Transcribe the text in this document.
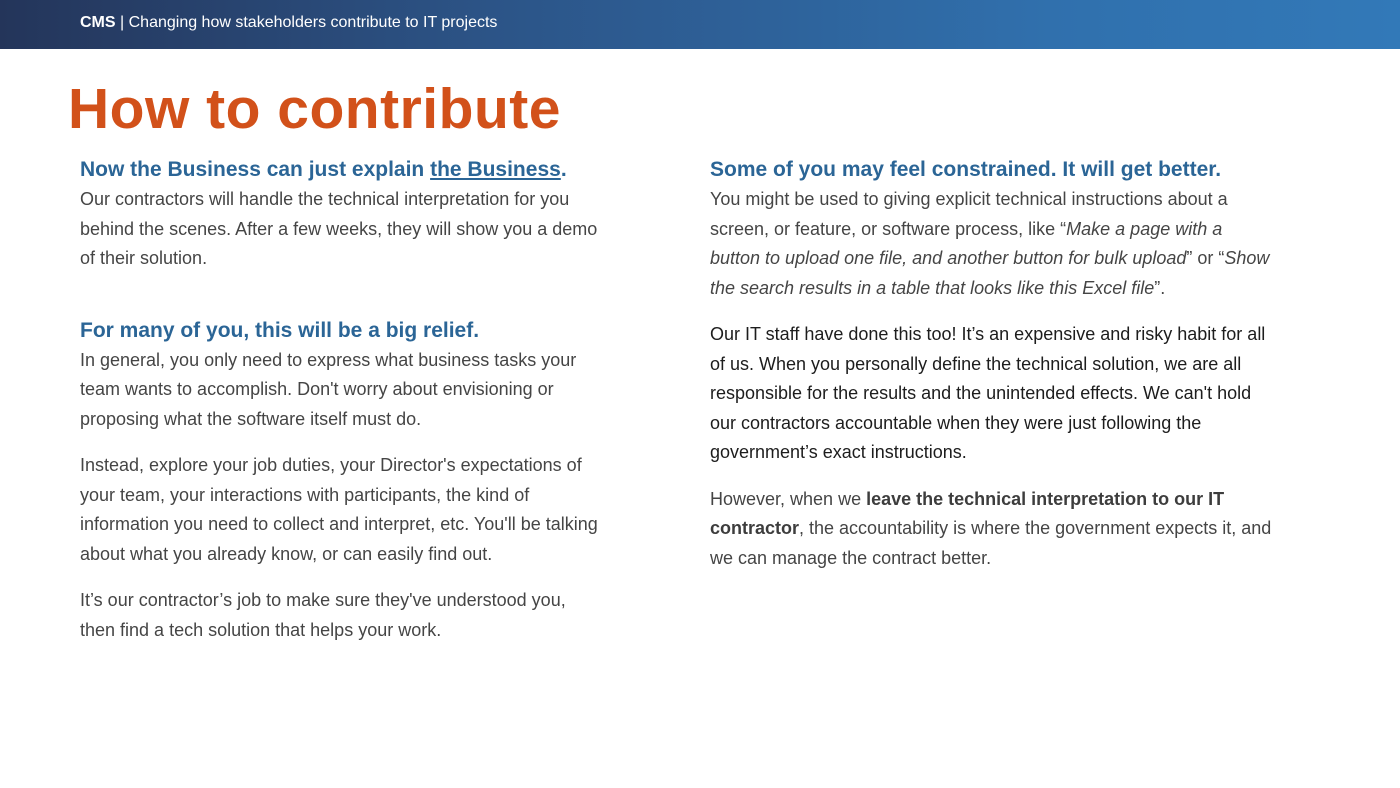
CMS | Changing how stakeholders contribute to IT projects
How to contribute
Now the Business can just explain the Business.

Our contractors will handle the technical interpretation for you behind the scenes. After a few weeks, they will show you a demo of their solution.

For many of you, this will be a big relief.

In general, you only need to express what business tasks your team wants to accomplish. Don't worry about envisioning or proposing what the software itself must do.

Instead, explore your job duties, your Director's expectations of your team, your interactions with participants, the kind of information you need to collect and interpret, etc. You'll be talking about what you already know, or can easily find out.

It’s our contractor’s job to make sure they've understood you, then find a tech solution that helps your work.

Some of you may feel constrained. It will get better.

You might be used to giving explicit technical instructions about a screen, or feature, or software process, like “Make a page with a button to upload one file, and another button for bulk upload” or “Show the search results in a table that looks like this Excel file”.

Our IT staff have done this too! It’s an expensive and risky habit for all of us. When you personally define the technical solution, we are all responsible for the results and the unintended effects. We can't hold our contractors accountable when they were just following the government’s exact instructions.

However, when we leave the technical interpretation to our IT contractor, the accountability is where the government expects it, and we can manage the contract better.
